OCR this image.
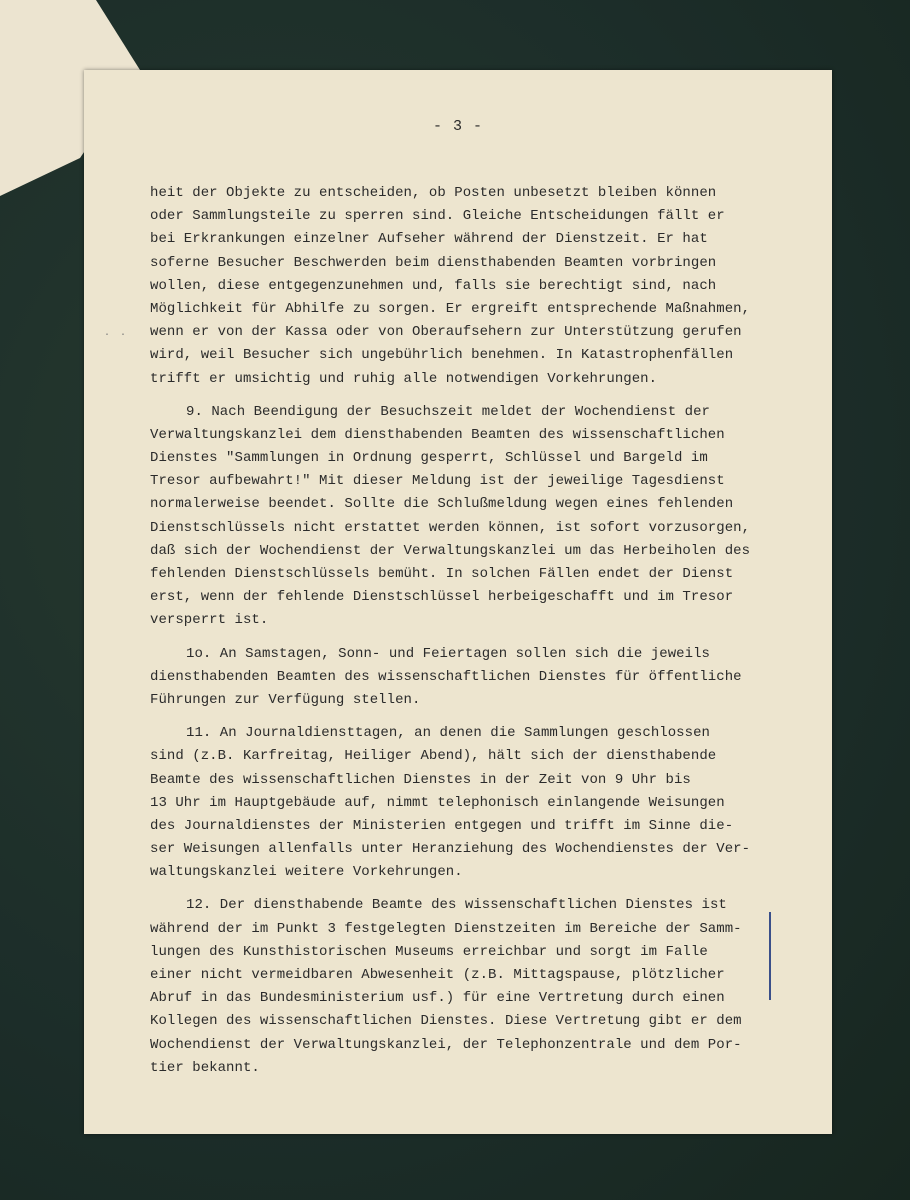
- 3 -
· ·
heit der Objekte zu entscheiden, ob Posten unbesetzt bleiben können
oder Sammlungsteile zu sperren sind. Gleiche Entscheidungen fällt er
bei Erkrankungen einzelner Aufseher während der Dienstzeit. Er hat
soferne Besucher Beschwerden beim diensthabenden Beamten vorbringen
wollen, diese entgegenzunehmen und, falls sie berechtigt sind, nach
Möglichkeit für Abhilfe zu sorgen. Er ergreift entsprechende Maßnahmen,
wenn er von der Kassa oder von Oberaufsehern zur Unterstützung gerufen
wird, weil Besucher sich ungebührlich benehmen. In Katastrophenfällen
trifft er umsichtig und ruhig alle notwendigen Vorkehrungen.
9. Nach Beendigung der Besuchszeit meldet der Wochendienst der
Verwaltungskanzlei dem diensthabenden Beamten des wissenschaftlichen
Dienstes "Sammlungen in Ordnung gesperrt, Schlüssel und Bargeld im
Tresor aufbewahrt!" Mit dieser Meldung ist der jeweilige Tagesdienst
normalerweise beendet. Sollte die Schlußmeldung wegen eines fehlenden
Dienstschlüssels nicht erstattet werden können, ist sofort vorzusorgen,
daß sich der Wochendienst der Verwaltungskanzlei um das Herbeiholen des
fehlenden Dienstschlüssels bemüht. In solchen Fällen endet der Dienst
erst, wenn der fehlende Dienstschlüssel herbeigeschafft und im Tresor
versperrt ist.
1o. An Samstagen, Sonn- und Feiertagen sollen sich die jeweils
diensthabenden Beamten des wissenschaftlichen Dienstes für öffentliche
Führungen zur Verfügung stellen.
11. An Journaldiensttagen, an denen die Sammlungen geschlossen
sind (z.B. Karfreitag, Heiliger Abend), hält sich der diensthabende
Beamte des wissenschaftlichen Dienstes in der Zeit von 9 Uhr bis
13 Uhr im Hauptgebäude auf, nimmt telephonisch einlangende Weisungen
des Journaldienstes der Ministerien entgegen und trifft im Sinne die-
ser Weisungen allenfalls unter Heranziehung des Wochendienstes der Ver-
waltungskanzlei weitere Vorkehrungen.
12. Der diensthabende Beamte des wissenschaftlichen Dienstes ist
während der im Punkt 3 festgelegten Dienstzeiten im Bereiche der Samm-
lungen des Kunsthistorischen Museums erreichbar und sorgt im Falle
einer nicht vermeidbaren Abwesenheit (z.B. Mittagspause, plötzlicher
Abruf in das Bundesministerium usf.) für eine Vertretung durch einen
Kollegen des wissenschaftlichen Dienstes. Diese Vertretung gibt er dem
Wochendienst der Verwaltungskanzlei, der Telephonzentrale und dem Por-
tier bekannt.
